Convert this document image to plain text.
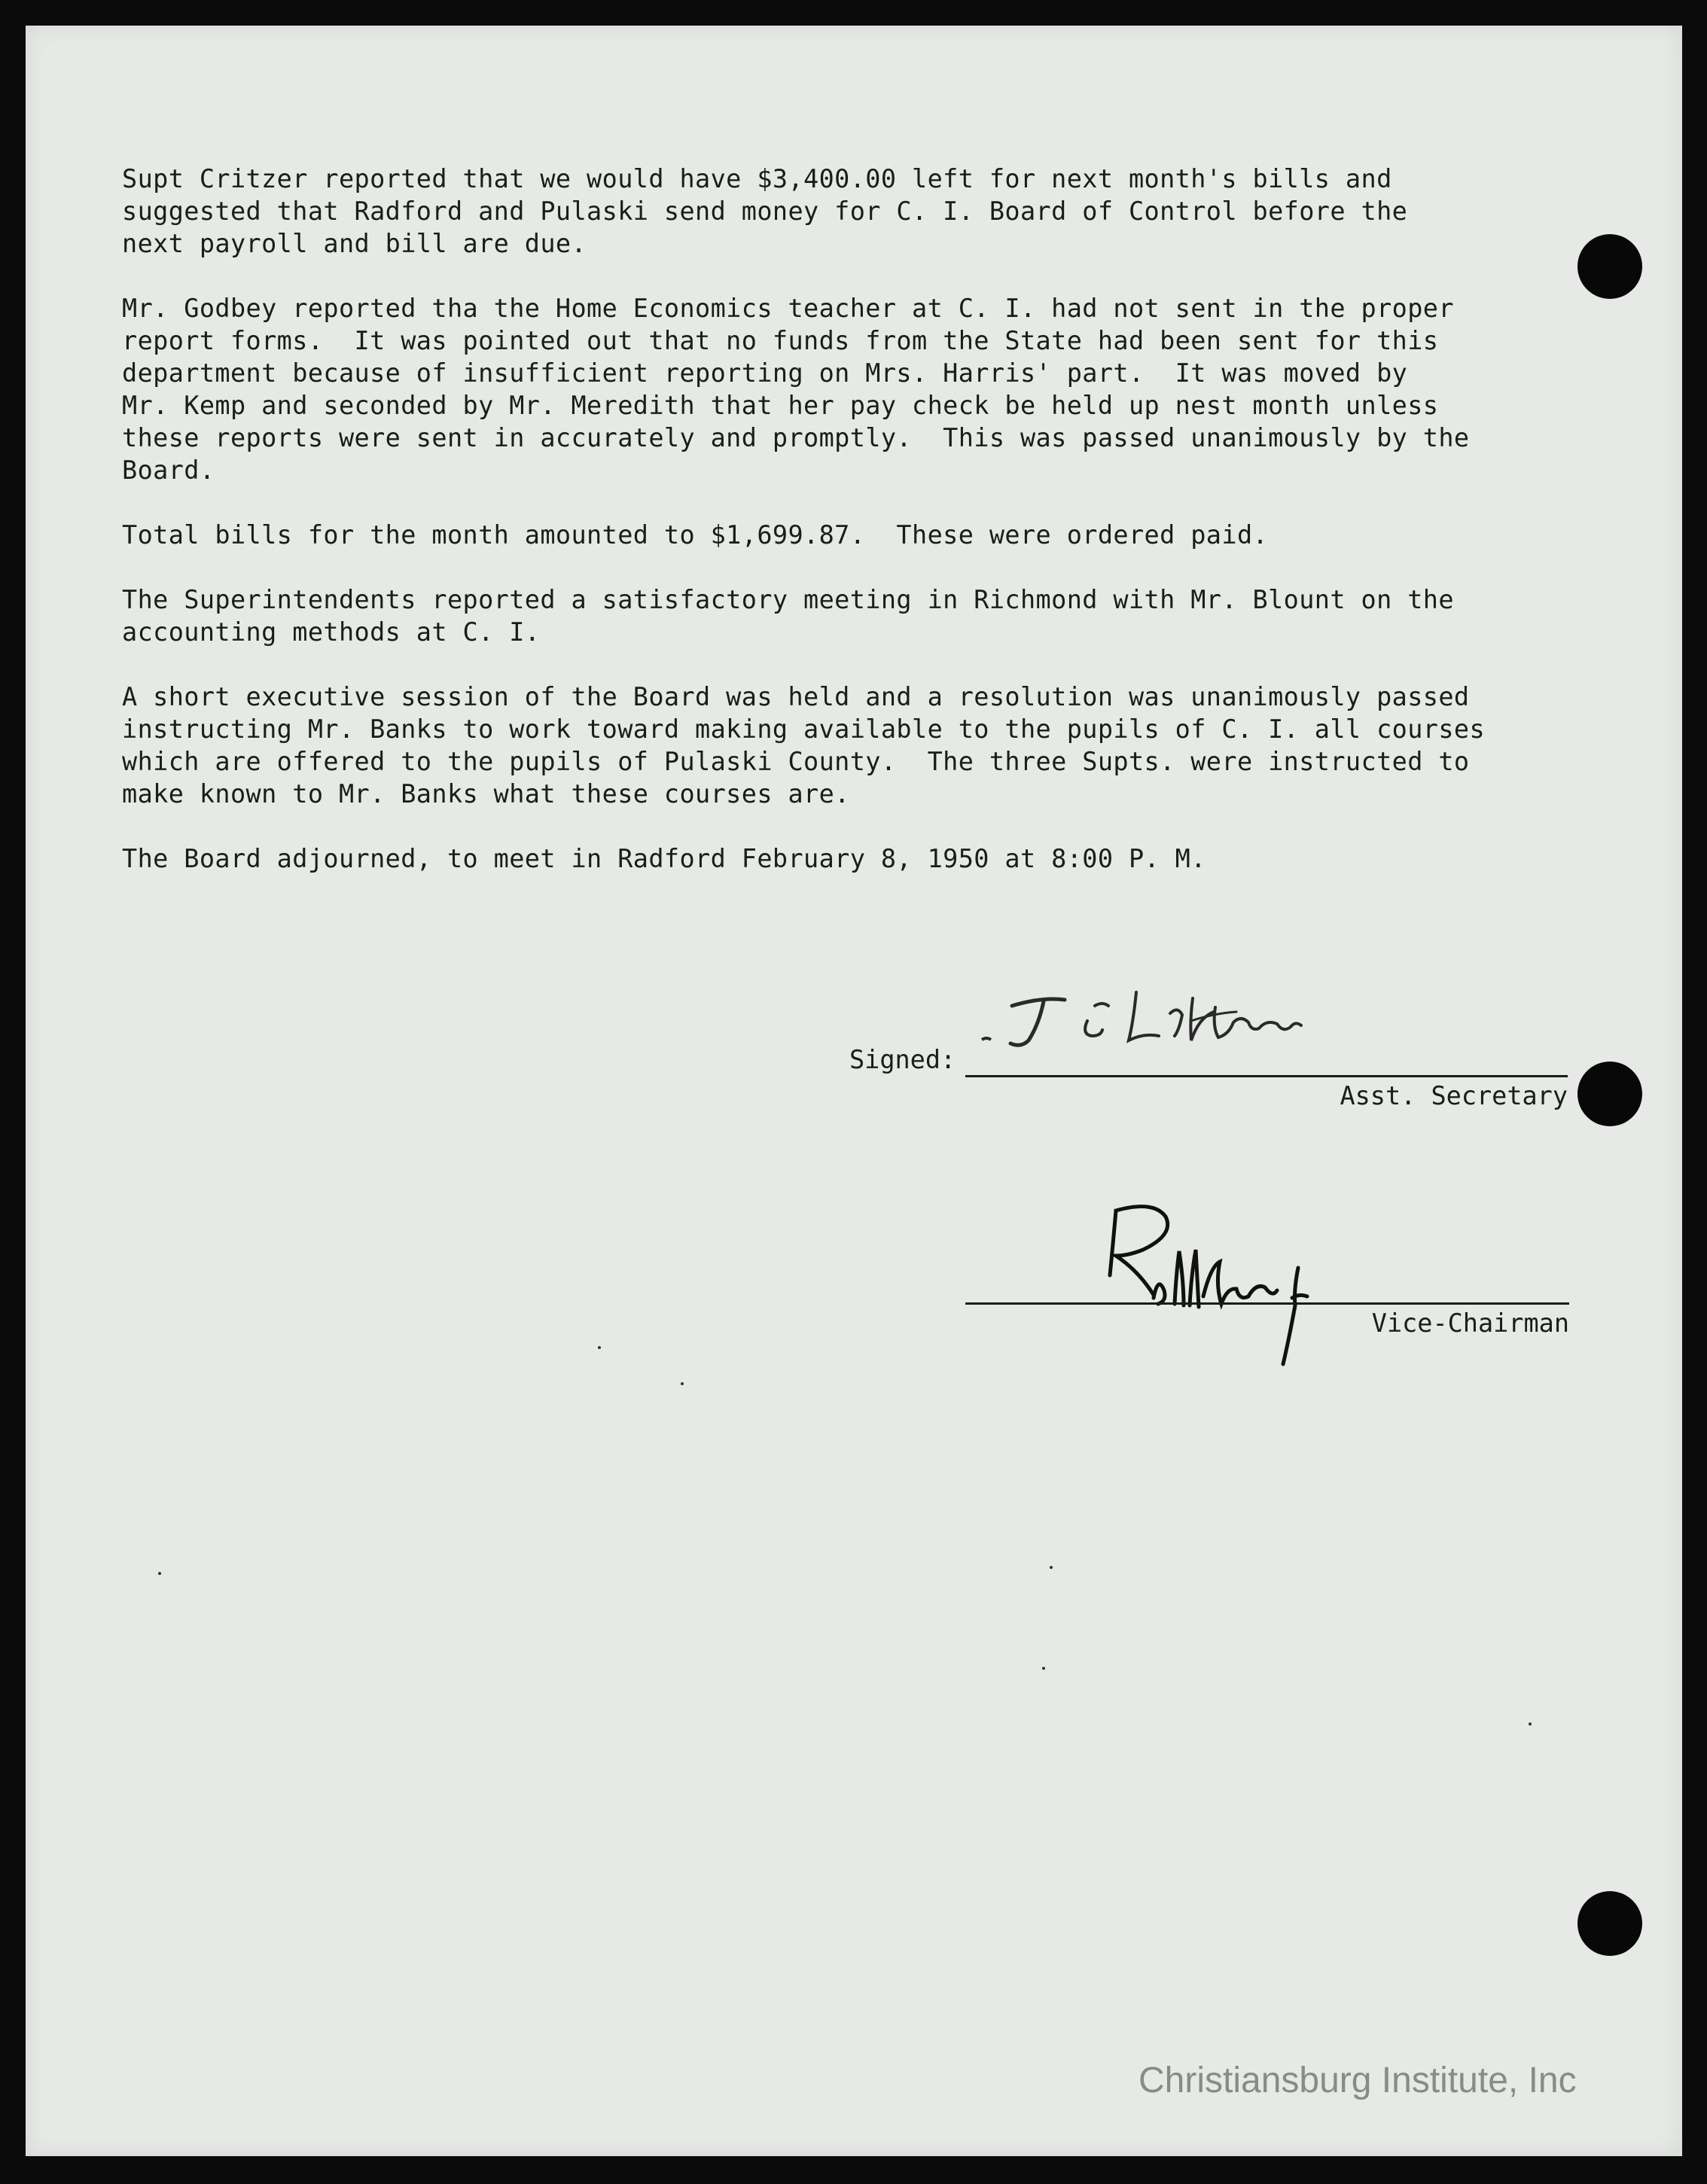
Supt Critzer reported that we would have $3,400.00 left for next month's bills and
suggested that Radford and Pulaski send money for C. I. Board of Control before the
next payroll and bill are due.

Mr. Godbey reported tha the Home Economics teacher at C. I. had not sent in the proper
report forms.  It was pointed out that no funds from the State had been sent for this
department because of insufficient reporting on Mrs. Harris' part.  It was moved by
Mr. Kemp and seconded by Mr. Meredith that her pay check be held up nest month unless
these reports were sent in accurately and promptly.  This was passed unanimously by the
Board.

Total bills for the month amounted to $1,699.87.  These were ordered paid.

The Superintendents reported a satisfactory meeting in Richmond with Mr. Blount on the
accounting methods at C. I.

A short executive session of the Board was held and a resolution was unanimously passed
instructing Mr. Banks to work toward making available to the pupils of C. I. all courses
which are offered to the pupils of Pulaski County.  The three Supts. were instructed to
make known to Mr. Banks what these courses are.

The Board adjourned, to meet in Radford February 8, 1950 at 8:00 P. M.

Signed:
Asst. Secretary
Vice-Chairman
Christiansburg Institute, Inc
